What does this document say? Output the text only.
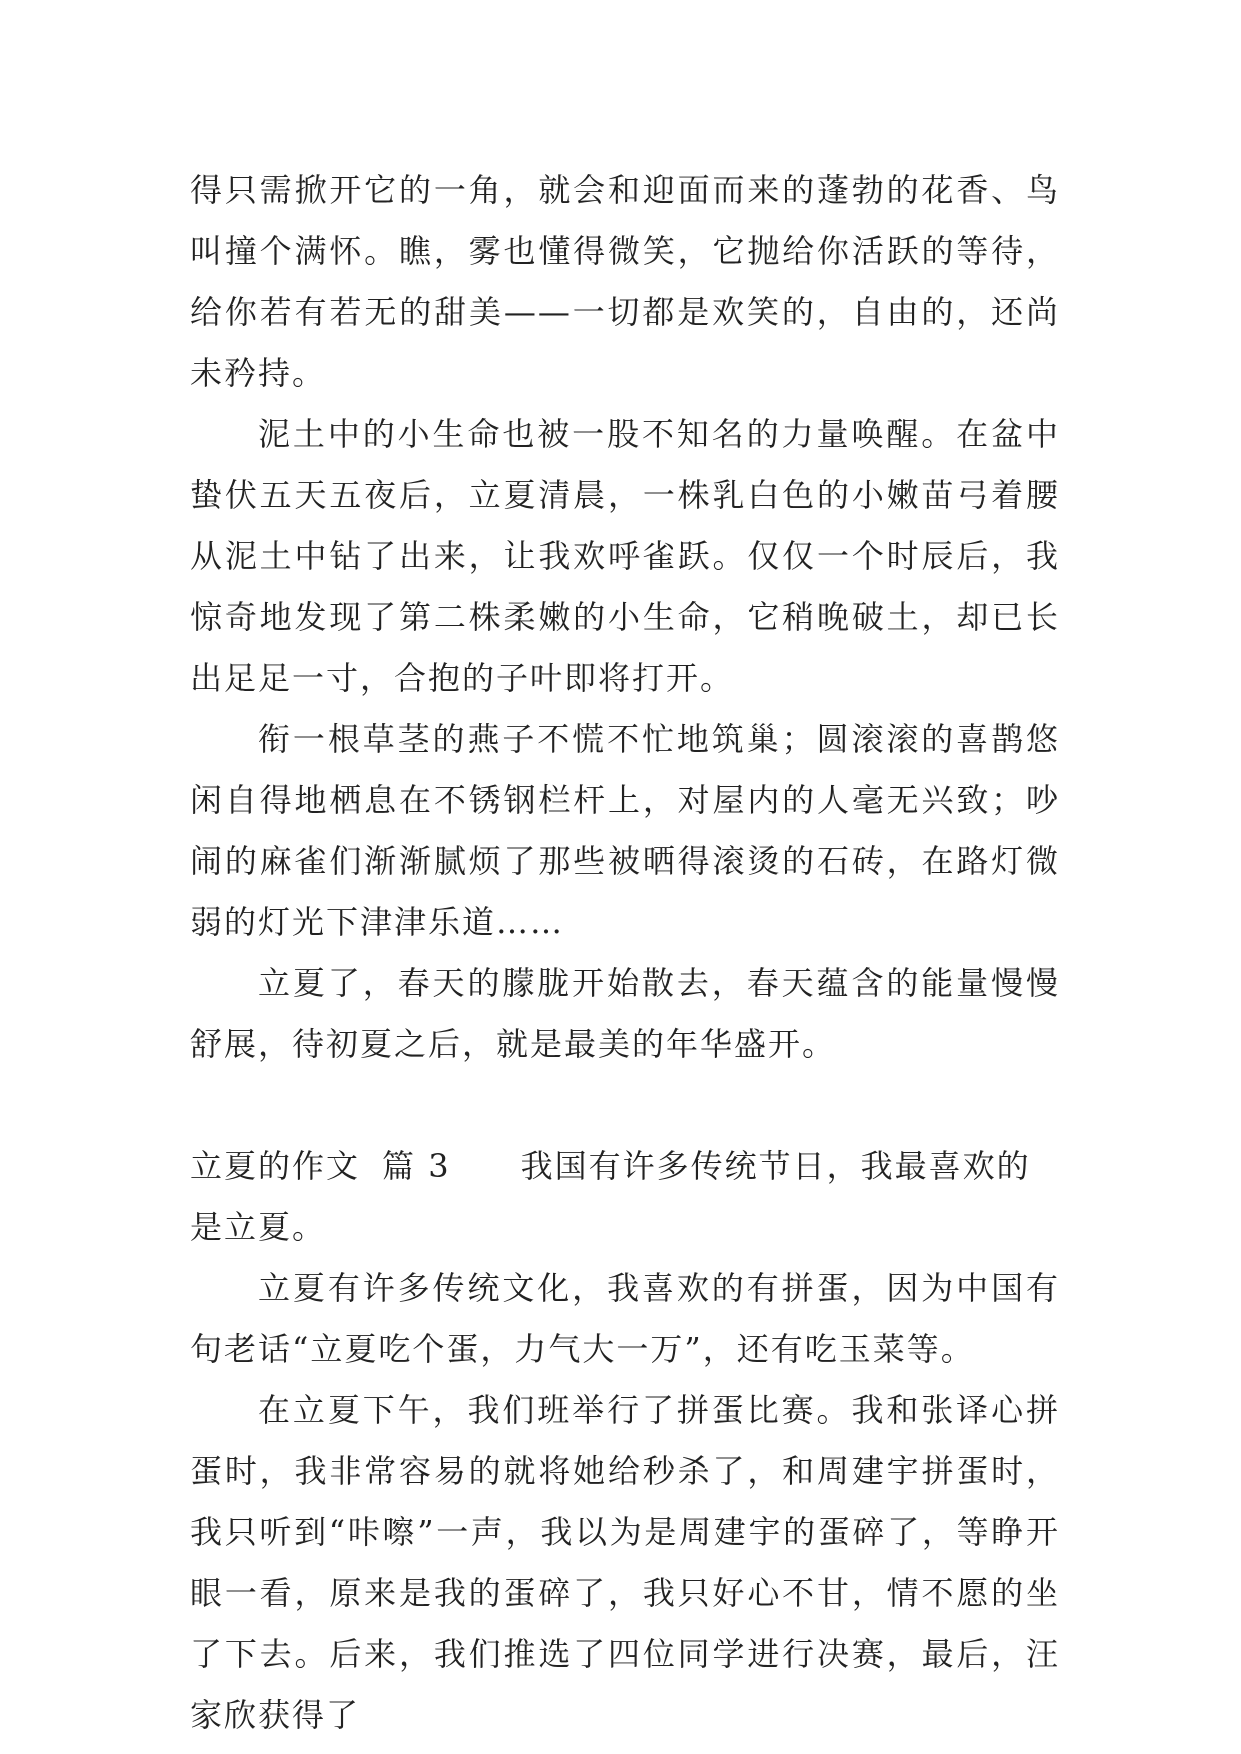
得只需掀开它的一角，就会和迎面而来的蓬勃的花香、鸟叫撞个满怀。瞧，雾也懂得微笑，它抛给你活跃的等待，给你若有若无的甜美——一切都是欢笑的，自由的，还尚未矜持。

泥土中的小生命也被一股不知名的力量唤醒。在盆中蛰伏五天五夜后，立夏清晨，一株乳白色的小嫩苗弓着腰从泥土中钻了出来，让我欢呼雀跃。仅仅一个时辰后，我惊奇地发现了第二株柔嫩的小生命，它稍晚破土，却已长出足足一寸，合抱的子叶即将打开。

衔一根草茎的燕子不慌不忙地筑巢；圆滚滚的喜鹊悠闲自得地栖息在不锈钢栏杆上，对屋内的人毫无兴致；吵闹的麻雀们渐渐腻烦了那些被晒得滚烫的石砖，在路灯微弱的灯光下津津乐道……

立夏了，春天的朦胧开始散去，春天蕴含的能量慢慢舒展，待初夏之后，就是最美的年华盛开。

立夏的作文 篇 3 我国有许多传统节日，我最喜欢的是立夏。

立夏有许多传统文化，我喜欢的有拼蛋，因为中国有句老话“立夏吃个蛋，力气大一万”，还有吃玉菜等。

在立夏下午，我们班举行了拼蛋比赛。我和张译心拼蛋时，我非常容易的就将她给秒杀了，和周建宇拼蛋时，我只听到“咔嚓”一声，我以为是周建宇的蛋碎了，等睁开眼一看，原来是我的蛋碎了，我只好心不甘，情不愿的坐了下去。后来，我们推选了四位同学进行决赛，最后，汪家欣获得了
